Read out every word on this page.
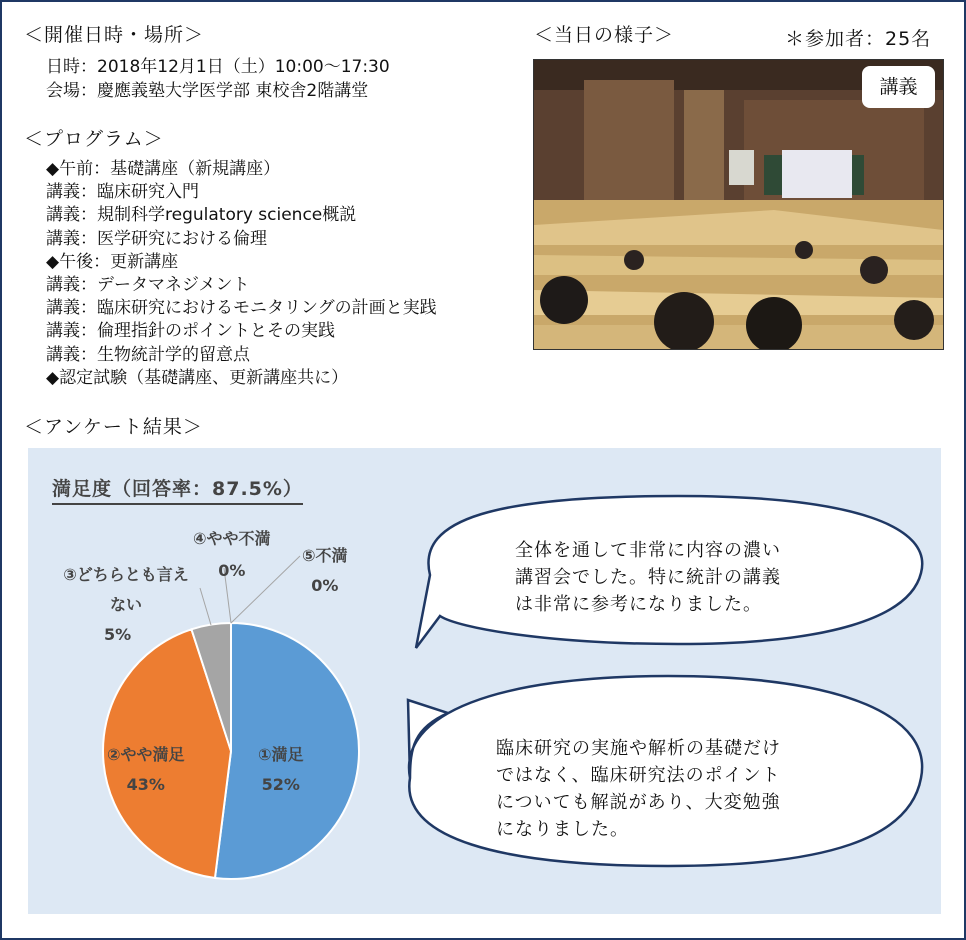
＜開催日時・場所＞
日時：2018年12月1日（土）10:00～17:30
会場：慶應義塾大学医学部 東校舎2階講堂
＜プログラム＞
◆午前：基礎講座（新規講座）
講義：臨床研究入門
講義：規制科学regulatory science概説
講義：医学研究における倫理
◆午後：更新講座
講義：データマネジメント
講義：臨床研究におけるモニタリングの計画と実践
講義：倫理指針のポイントとその実践
講義：生物統計学的留意点
◆認定試験（基礎講座、更新講座共に）
＜当日の様子＞	＊参加者：25名
講義
＜アンケート結果＞
満足度（回答率：87.5%）
①満足
52%
②やや満足
43%
③どちらとも言えない
5%
④やや不満
0%
⑤不満
0%
全体を通して非常に内容の濃い
講習会でした。特に統計の講義
は非常に参考になりました。
臨床研究の実施や解析の基礎だけ
ではなく、臨床研究法のポイント
についても解説があり、大変勉強
になりました。
